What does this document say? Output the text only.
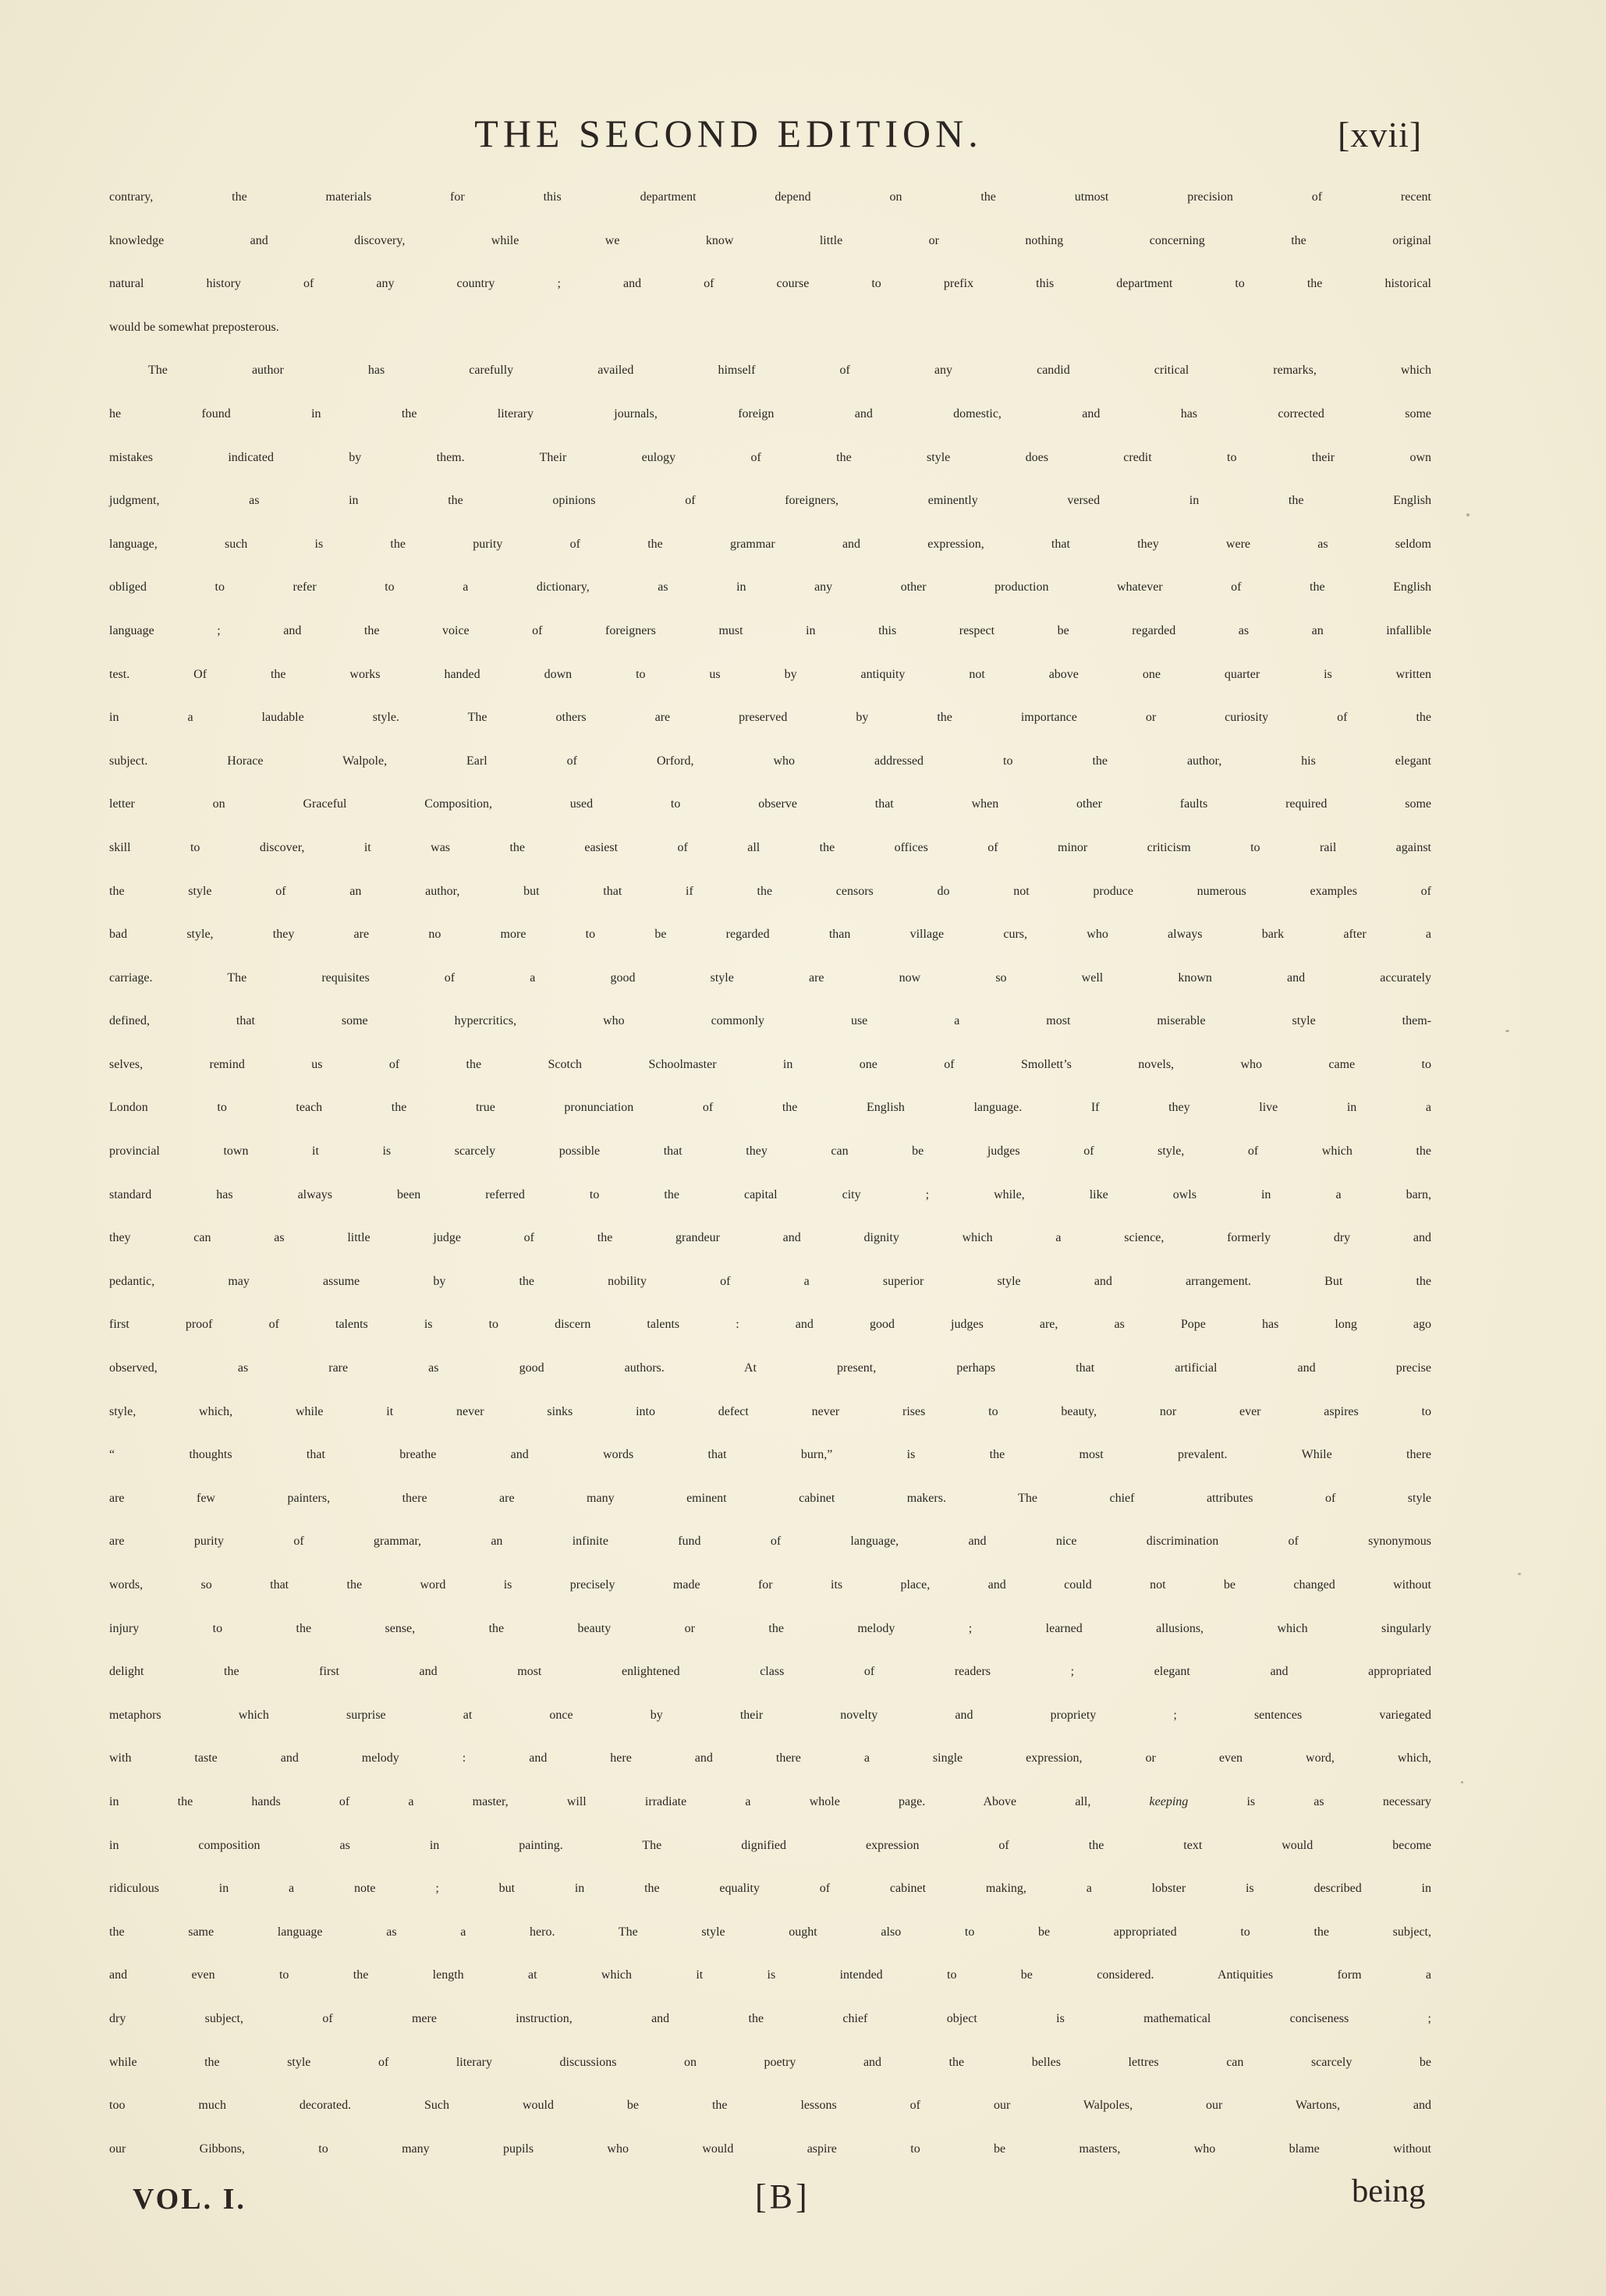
THE SECOND EDITION.	[xvii]
contrary, the materials for this department depend on the utmost precision of recent
knowledge and discovery, while we know little or nothing concerning the original
natural history of any country ; and of course to prefix this department to the historical
would be somewhat preposterous.
The author has carefully availed himself of any candid critical remarks, which
he found in the literary journals, foreign and domestic, and has corrected some
mistakes indicated by them. Their eulogy of the style does credit to their own
judgment, as in the opinions of foreigners, eminently versed in the English
language, such is the purity of the grammar and expression, that they were as seldom
obliged to refer to a dictionary, as in any other production whatever of the English
language ; and the voice of foreigners must in this respect be regarded as an infallible
test. Of the works handed down to us by antiquity not above one quarter is written
in a laudable style. The others are preserved by the importance or curiosity of the
subject. Horace Walpole, Earl of Orford, who addressed to the author, his elegant
letter on Graceful Composition, used to observe that when other faults required some
skill to discover, it was the easiest of all the offices of minor criticism to rail against
the style of an author, but that if the censors do not produce numerous examples of
bad style, they are no more to be regarded than village curs, who always bark after a
carriage. The requisites of a good style are now so well known and accurately
defined, that some hypercritics, who commonly use a most miserable style them-
selves, remind us of the Scotch Schoolmaster in one of Smollett’s novels, who came to
London to teach the true pronunciation of the English language. If they live in a
provincial town it is scarcely possible that they can be judges of style, of which the
standard has always been referred to the capital city ; while, like owls in a barn,
they can as little judge of the grandeur and dignity which a science, formerly dry and
pedantic, may assume by the nobility of a superior style and arrangement. But the
first proof of talents is to discern talents : and good judges are, as Pope has long ago
observed, as rare as good authors. At present, perhaps that artificial and precise
style, which, while it never sinks into defect never rises to beauty, nor ever aspires to
“ thoughts that breathe and words that burn,” is the most prevalent. While there
are few painters, there are many eminent cabinet makers. The chief attributes of style
are purity of grammar, an infinite fund of language, and nice discrimination of synonymous
words, so that the word is precisely made for its place, and could not be changed without
injury to the sense, the beauty or the melody ; learned allusions, which singularly
delight the first and most enlightened class of readers ; elegant and appropriated
metaphors which surprise at once by their novelty and propriety ; sentences variegated
with taste and melody : and here and there a single expression, or even word, which,
in the hands of a master, will irradiate a whole page. Above all, keeping is as necessary
in composition as in painting. The dignified expression of the text would become
ridiculous in a note ; but in the equality of cabinet making, a lobster is described in
the same language as a hero. The style ought also to be appropriated to the subject,
and even to the length at which it is intended to be considered. Antiquities form a
dry subject, of mere instruction, and the chief object is mathematical conciseness ;
while the style of literary discussions on poetry and the belles lettres can scarcely be
too much decorated. Such would be the lessons of our Walpoles, our Wartons, and
our Gibbons, to many pupils who would aspire to be masters, who blame without
VOL. I.	[B]	being
